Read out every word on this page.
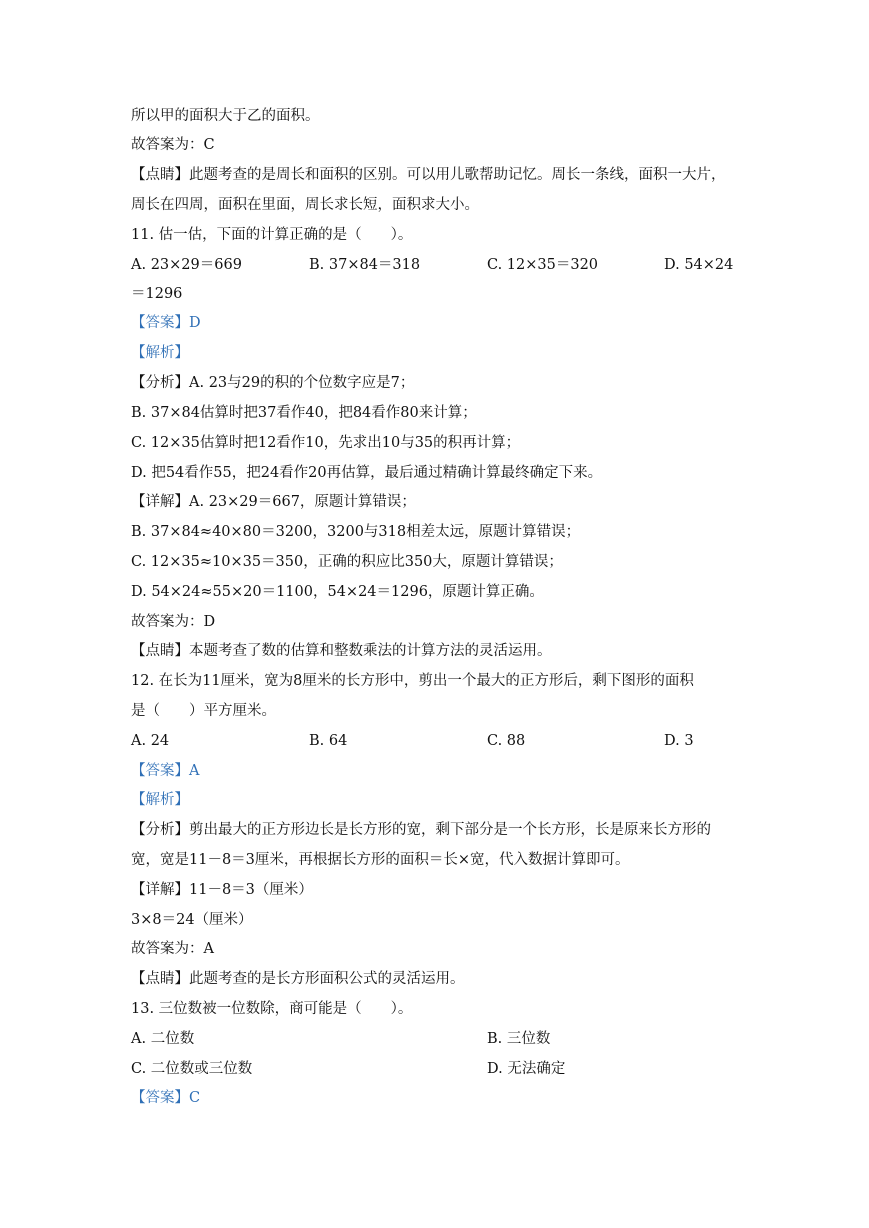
所以甲的面积大于乙的面积。
故答案为：C
【点睛】此题考查的是周长和面积的区别。可以用儿歌帮助记忆。周长一条线，面积一大片，
周长在四周，面积在里面，周长求长短，面积求大小。
11. 估一估，下面的计算正确的是（　　）。
A. 23×29＝669	B. 37×84＝318	C. 12×35＝320	D. 54×24
＝1296
【答案】D
【解析】
【分析】A. 23与29的积的个位数字应是7；
B. 37×84估算时把37看作40，把84看作80来计算；
C. 12×35估算时把12看作10，先求出10与35的积再计算；
D. 把54看作55，把24看作20再估算，最后通过精确计算最终确定下来。
【详解】A. 23×29＝667，原题计算错误；
B. 37×84≈40×80＝3200，3200与318相差太远，原题计算错误；
C. 12×35≈10×35＝350，正确的积应比350大，原题计算错误；
D. 54×24≈55×20＝1100，54×24＝1296，原题计算正确。
故答案为：D
【点睛】本题考查了数的估算和整数乘法的计算方法的灵活运用。
12. 在长为11厘米，宽为8厘米的长方形中，剪出一个最大的正方形后，剩下图形的面积
是（　　）平方厘米。
A. 24	B. 64	C. 88	D. 3
【答案】A
【解析】
【分析】剪出最大的正方形边长是长方形的宽，剩下部分是一个长方形，长是原来长方形的
宽，宽是11－8＝3厘米，再根据长方形的面积＝长×宽，代入数据计算即可。
【详解】11－8＝3（厘米）
3×8＝24（厘米）
故答案为：A
【点睛】此题考查的是长方形面积公式的灵活运用。
13. 三位数被一位数除，商可能是（　　）。
A. 二位数	B. 三位数
C. 二位数或三位数	D. 无法确定
【答案】C
